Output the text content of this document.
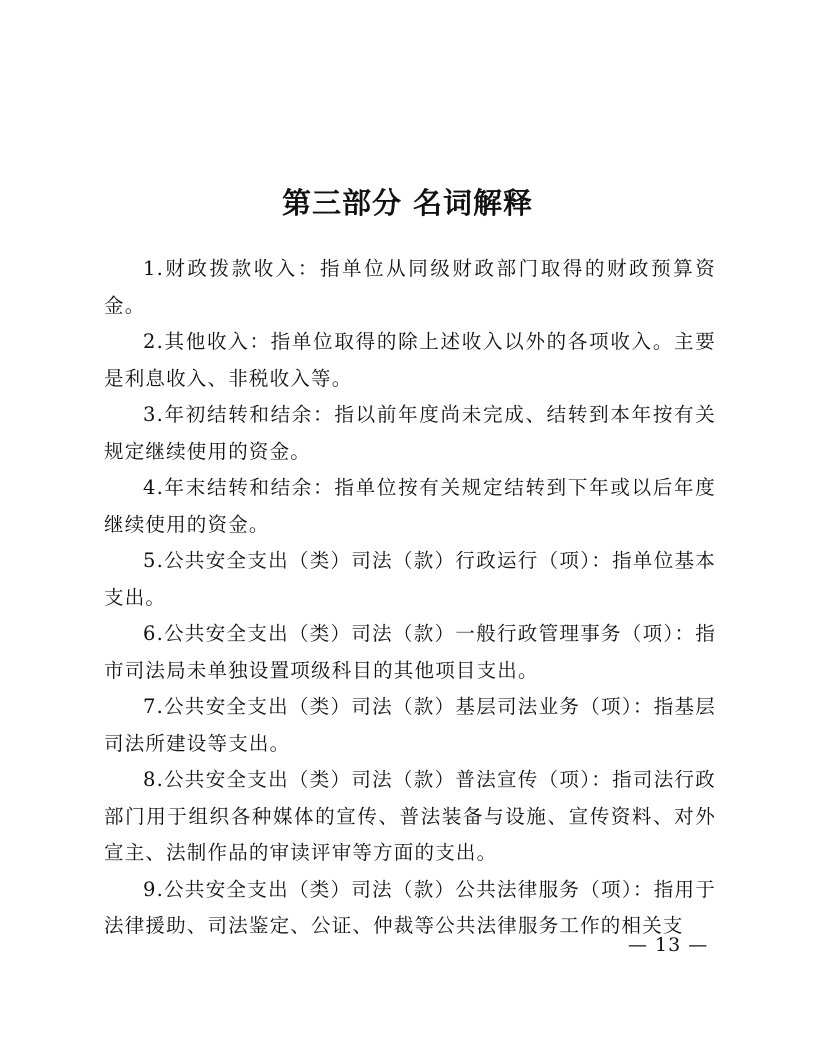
第三部分 名词解释

1.财政拨款收入：指单位从同级财政部门取得的财政预算资金。

2.其他收入：指单位取得的除上述收入以外的各项收入。主要是利息收入、非税收入等。

3.年初结转和结余：指以前年度尚未完成、结转到本年按有关规定继续使用的资金。

4.年末结转和结余：指单位按有关规定结转到下年或以后年度继续使用的资金。

5.公共安全支出（类）司法（款）行政运行（项）：指单位基本支出。

6.公共安全支出（类）司法（款）一般行政管理事务（项）：指市司法局未单独设置项级科目的其他项目支出。

7.公共安全支出（类）司法（款）基层司法业务（项）：指基层司法所建设等支出。

8.公共安全支出（类）司法（款）普法宣传（项）：指司法行政部门用于组织各种媒体的宣传、普法装备与设施、宣传资料、对外宣主、法制作品的审读评审等方面的支出。

9.公共安全支出（类）司法（款）公共法律服务（项）：指用于法律援助、司法鉴定、公证、仲裁等公共法律服务工作的相关支

— 13 —
